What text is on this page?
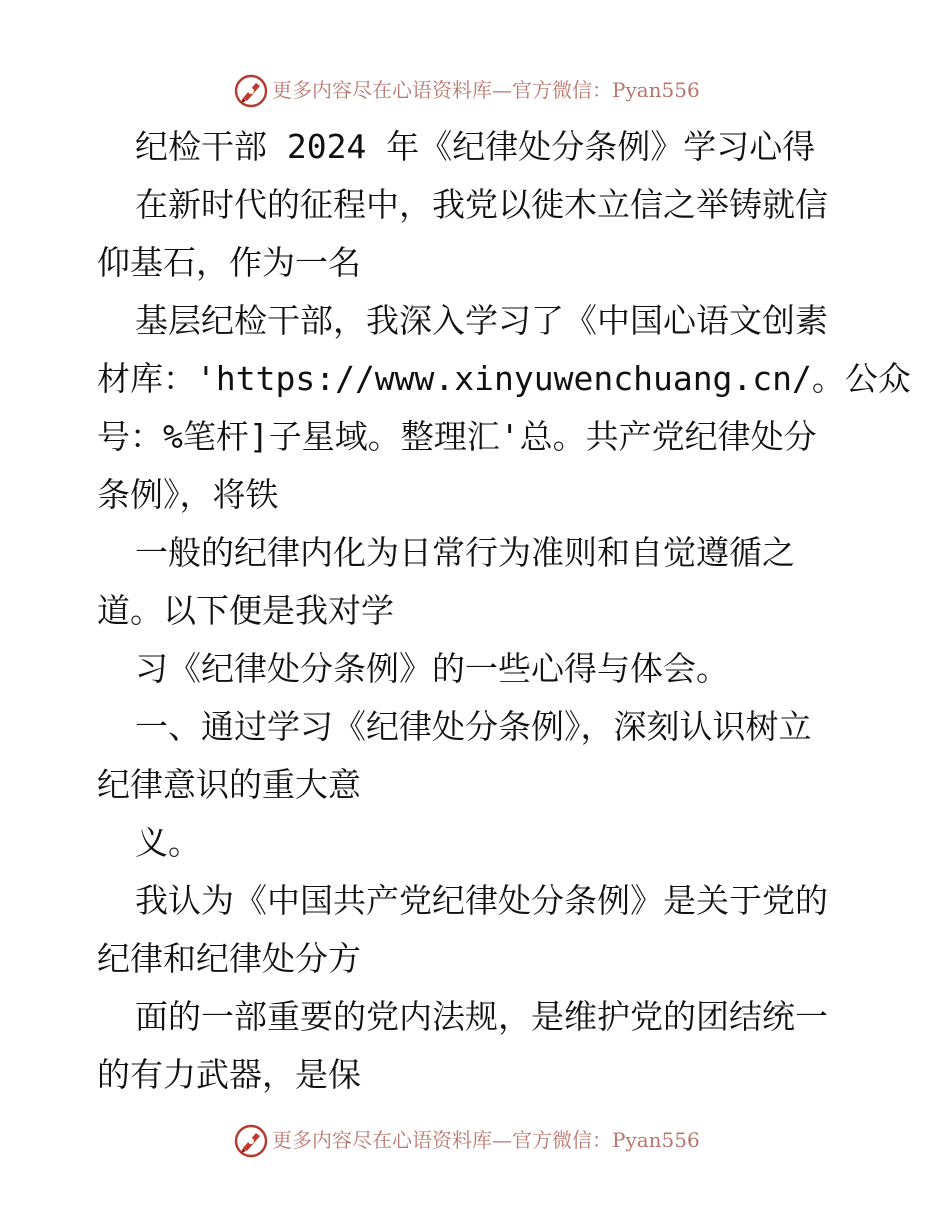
更多内容尽在心语资料库—官方微信：Pyan556
纪检干部 2024 年《纪律处分条例》学习心得
在新时代的征程中，我党以徙木立信之举铸就信
仰基石，作为一名
基层纪检干部，我深入学习了《中国心语文创素
材库：'https://www.xinyuwenchuang.cn/。公众
号：%笔杆]子星域。整理汇'总。共产党纪律处分
条例》，将铁
一般的纪律内化为日常行为准则和自觉遵循之
道。以下便是我对学
习《纪律处分条例》的一些心得与体会。
一、通过学习《纪律处分条例》，深刻认识树立
纪律意识的重大意
义。
我认为《中国共产党纪律处分条例》是关于党的
纪律和纪律处分方
面的一部重要的党内法规，是维护党的团结统一
的有力武器，是保
更多内容尽在心语资料库—官方微信：Pyan556
